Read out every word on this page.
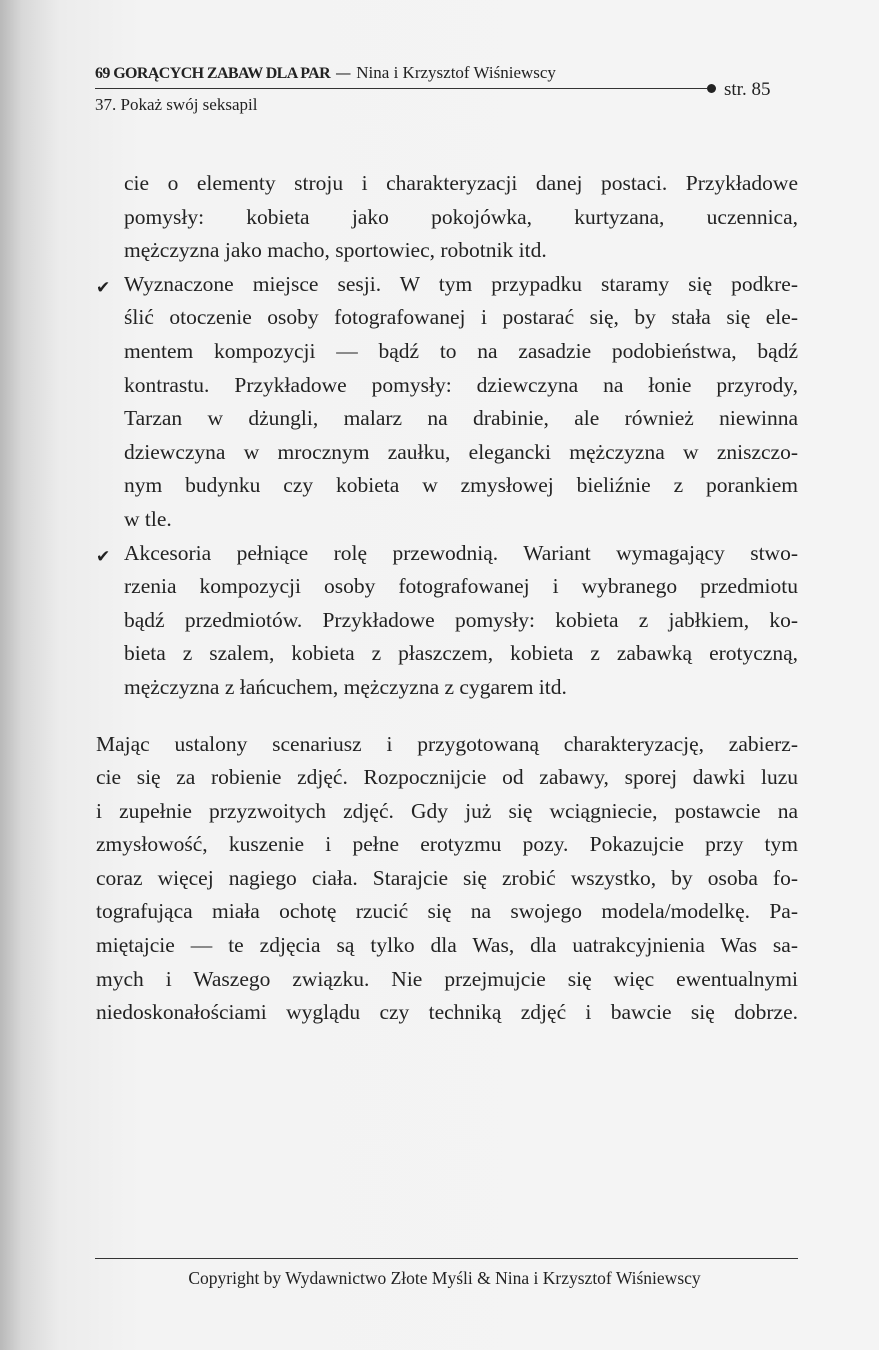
69 GORĄCYCH ZABAW DLA PAR — Nina i Krzysztof Wiśniewscy
37. Pokaż swój seksapil
str. 85
cie o elementy stroju i charakteryzacji danej postaci. Przykładowe
pomysły: kobieta jako pokojówka, kurtyzana, uczennica,
mężczyzna jako macho, sportowiec, robotnik itd.
✔ Wyznaczone miejsce sesji. W tym przypadku staramy się podkre-
ślić otoczenie osoby fotografowanej i postarać się, by stała się ele-
mentem kompozycji — bądź to na zasadzie podobieństwa, bądź
kontrastu. Przykładowe pomysły: dziewczyna na łonie przyrody,
Tarzan w dżungli, malarz na drabinie, ale również niewinna
dziewczyna w mrocznym zaułku, elegancki mężczyzna w zniszczo-
nym budynku czy kobieta w zmysłowej bieliźnie z porankiem
w tle.
✔ Akcesoria pełniące rolę przewodnią. Wariant wymagający stwo-
rzenia kompozycji osoby fotografowanej i wybranego przedmiotu
bądź przedmiotów. Przykładowe pomysły: kobieta z jabłkiem, ko-
bieta z szalem, kobieta z płaszczem, kobieta z zabawką erotyczną,
mężczyzna z łańcuchem, mężczyzna z cygarem itd.
Mając ustalony scenariusz i przygotowaną charakteryzację, zabierz-
cie się za robienie zdjęć. Rozpocznijcie od zabawy, sporej dawki luzu
i zupełnie przyzwoitych zdjęć. Gdy już się wciągniecie, postawcie na
zmysłowość, kuszenie i pełne erotyzmu pozy. Pokazujcie przy tym
coraz więcej nagiego ciała. Starajcie się zrobić wszystko, by osoba fo-
tografująca miała ochotę rzucić się na swojego modela/modelkę. Pa-
miętajcie — te zdjęcia są tylko dla Was, dla uatrakcyjnienia Was sa-
mych i Waszego związku. Nie przejmujcie się więc ewentualnymi
niedoskonałościami wyglądu czy techniką zdjęć i bawcie się dobrze.
Copyright by Wydawnictwo Złote Myśli & Nina i Krzysztof Wiśniewscy
